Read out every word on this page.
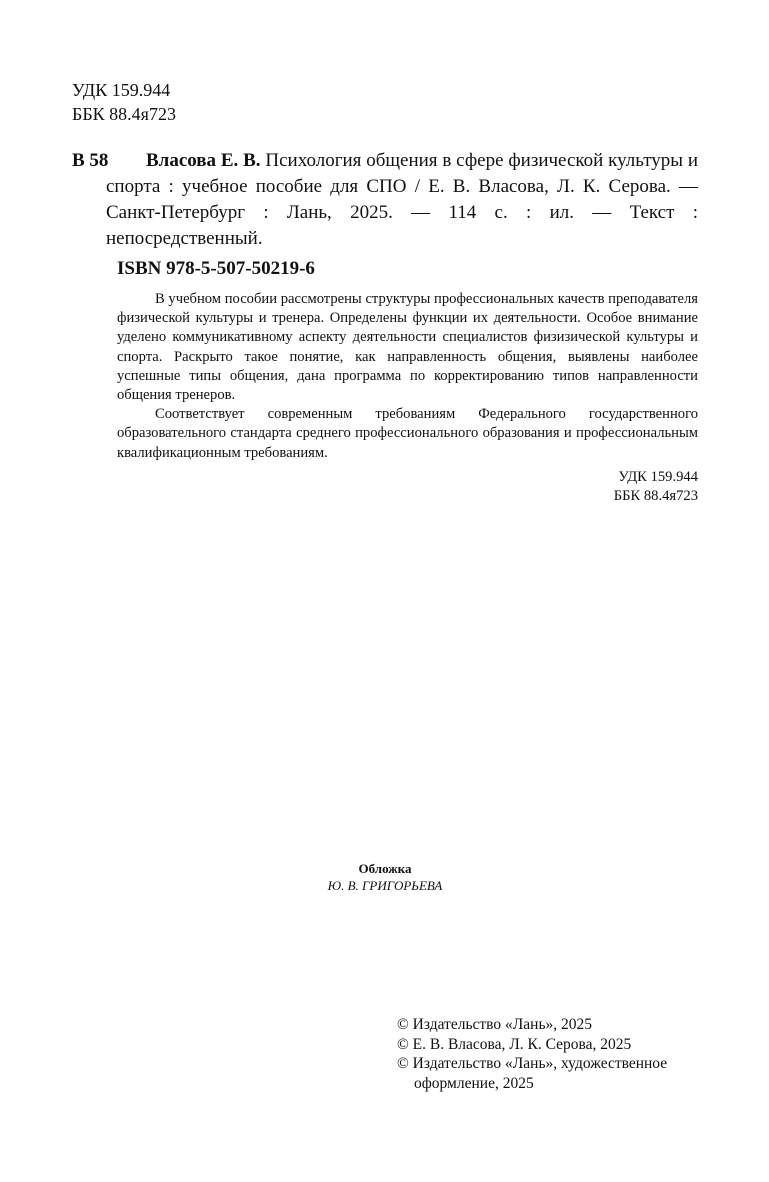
УДК 159.944
ББК 88.4я723
В 58	Власова Е. В. Психология общения в сфере физической культуры и спорта : учебное пособие для СПО / Е. В. Власова, Л. К. Серова. — Санкт-Петербург : Лань, 2025. — 114 с. : ил. — Текст : непосредственный.
ISBN 978-5-507-50219-6

В учебном пособии рассмотрены структуры профессиональных качеств преподавателя физической культуры и тренера. Определены функции их деятельности. Особое внимание уделено коммуникативному аспекту деятельности специалистов физизической культуры и спорта. Раскрыто такое понятие, как направленность общения, выявлены наиболее успешные типы общения, дана программа по корректированию типов направленности общения тренеров.

Соответствует современным требованиям Федерального государственного образовательного стандарта среднего профессионального образования и профессиональным квалификационным требованиям.

УДК 159.944
ББК 88.4я723
Обложка
Ю. В. ГРИГОРЬЕВА
© Издательство «Лань», 2025
© Е. В. Власова, Л. К. Серова, 2025
© Издательство «Лань», художественное оформление, 2025
